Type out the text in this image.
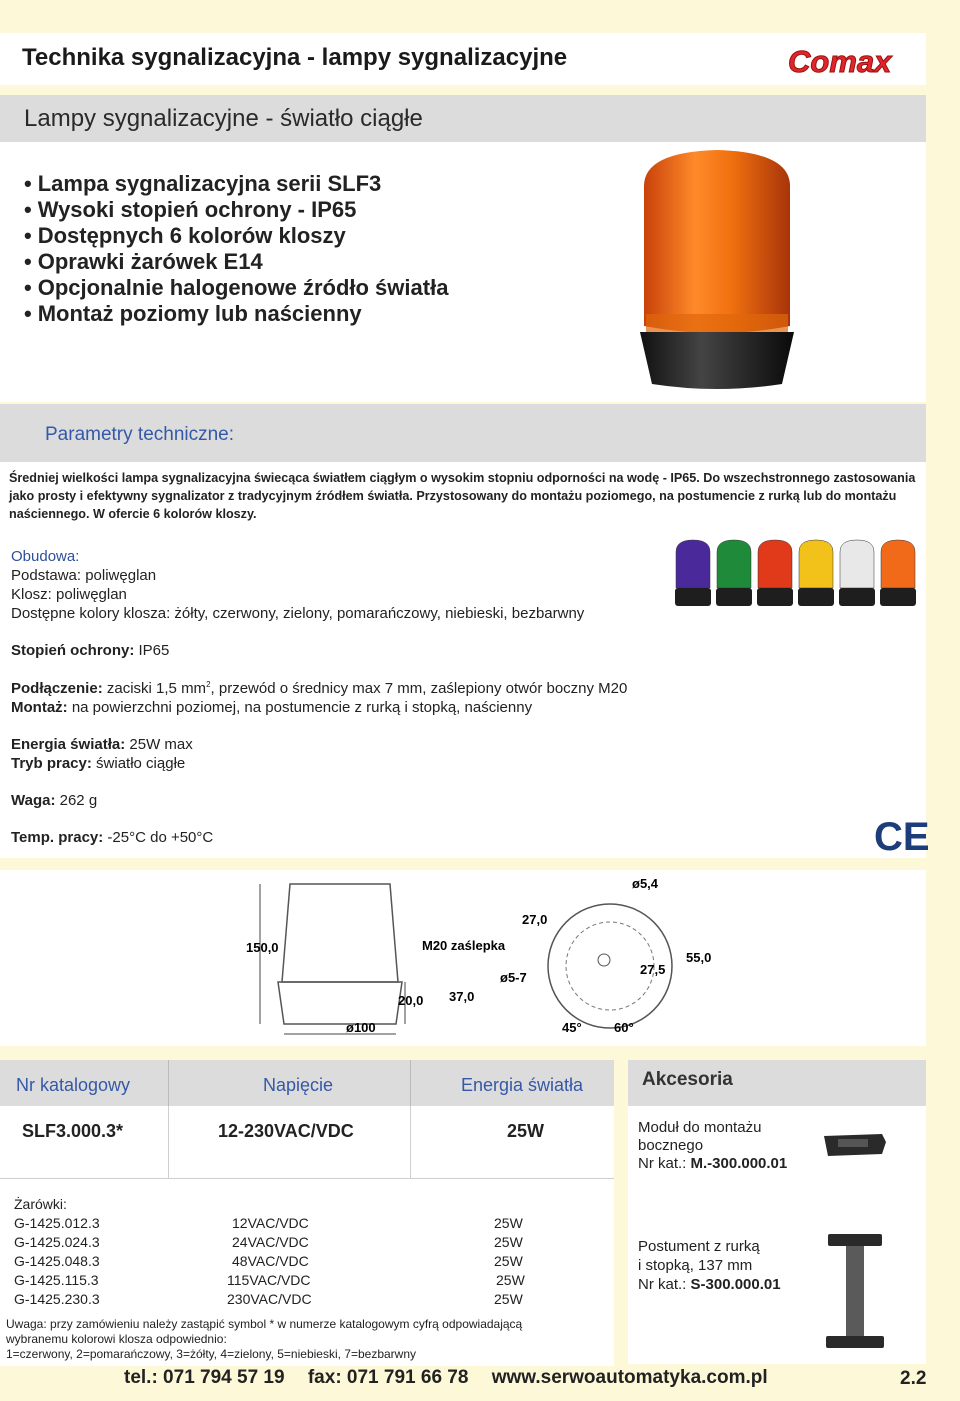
Technika sygnalizacyjna - lampy sygnalizacyjne	Comax
Lampy sygnalizacyjne - światło ciągłe
• Lampa sygnalizacyjna serii SLF3
• Wysoki stopień ochrony - IP65
• Dostępnych 6 kolorów kloszy
• Oprawki żarówek E14
• Opcjonalnie halogenowe źródło światła
• Montaż poziomy lub naścienny
Parametry techniczne:
Średniej wielkości lampa sygnalizacyjna świecąca światłem ciągłym o wysokim stopniu odporności na wodę - IP65. Do wszechstronnego zastosowania jako prosty i efektywny sygnalizator z tradycyjnym źródłem światła. Przystosowany do montażu poziomego, na postumencie z rurką lub do montażu naściennego. W ofercie 6 kolorów kloszy.
Obudowa:
Podstawa: poliwęglan
Klosz: poliwęglan
Dostępne kolory klosza: żółty, czerwony, zielony, pomarańczowy, niebieski, bezbarwny
Stopień ochrony: IP65
Podłączenie: zaciski 1,5 $mm^2$, przewód o średnicy max 7 mm, zaślepiony otwór boczny M20
Montaż: na powierzchni poziomej, na postumencie z rurką i stopką, naścienny
Energia światła: 25W max
Tryb pracy: światło ciągłe
Waga: 262 g
Temp. pracy: -25°C do +50°C	CE
150,0
20,0 37,0
ø100
M20 zaślepka
27,0
ø5,4
ø5-7
27,5
55,0
45° 60°
Nr katalogowy	Napięcie	Energia światła
SLF3.000.3*	12-230VAC/VDC	25W
Żarówki:
G-1425.012.3	12VAC/VDC	25W
G-1425.024.3	24VAC/VDC	25W
G-1425.048.3	48VAC/VDC	25W
G-1425.115.3	115VAC/VDC	25W
G-1425.230.3	230VAC/VDC	25W
Uwaga: przy zamówieniu należy zastąpić symbol * w numerze katalogowym cyfrą odpowiadającą
wybranemu kolorowi klosza odpowiednio:
1=czerwony, 2=pomarańczowy, 3=żółty, 4=zielony, 5=niebieski, 7=bezbarwny
Akcesoria
Moduł do montażu
bocznego
Nr kat.: M.-300.000.01
Postument z rurką
i stopką, 137 mm
Nr kat.: S-300.000.01
tel.: 071 794 57 19 fax: 071 791 66 78 www.serwoautomatyka.com.pl	2.2
